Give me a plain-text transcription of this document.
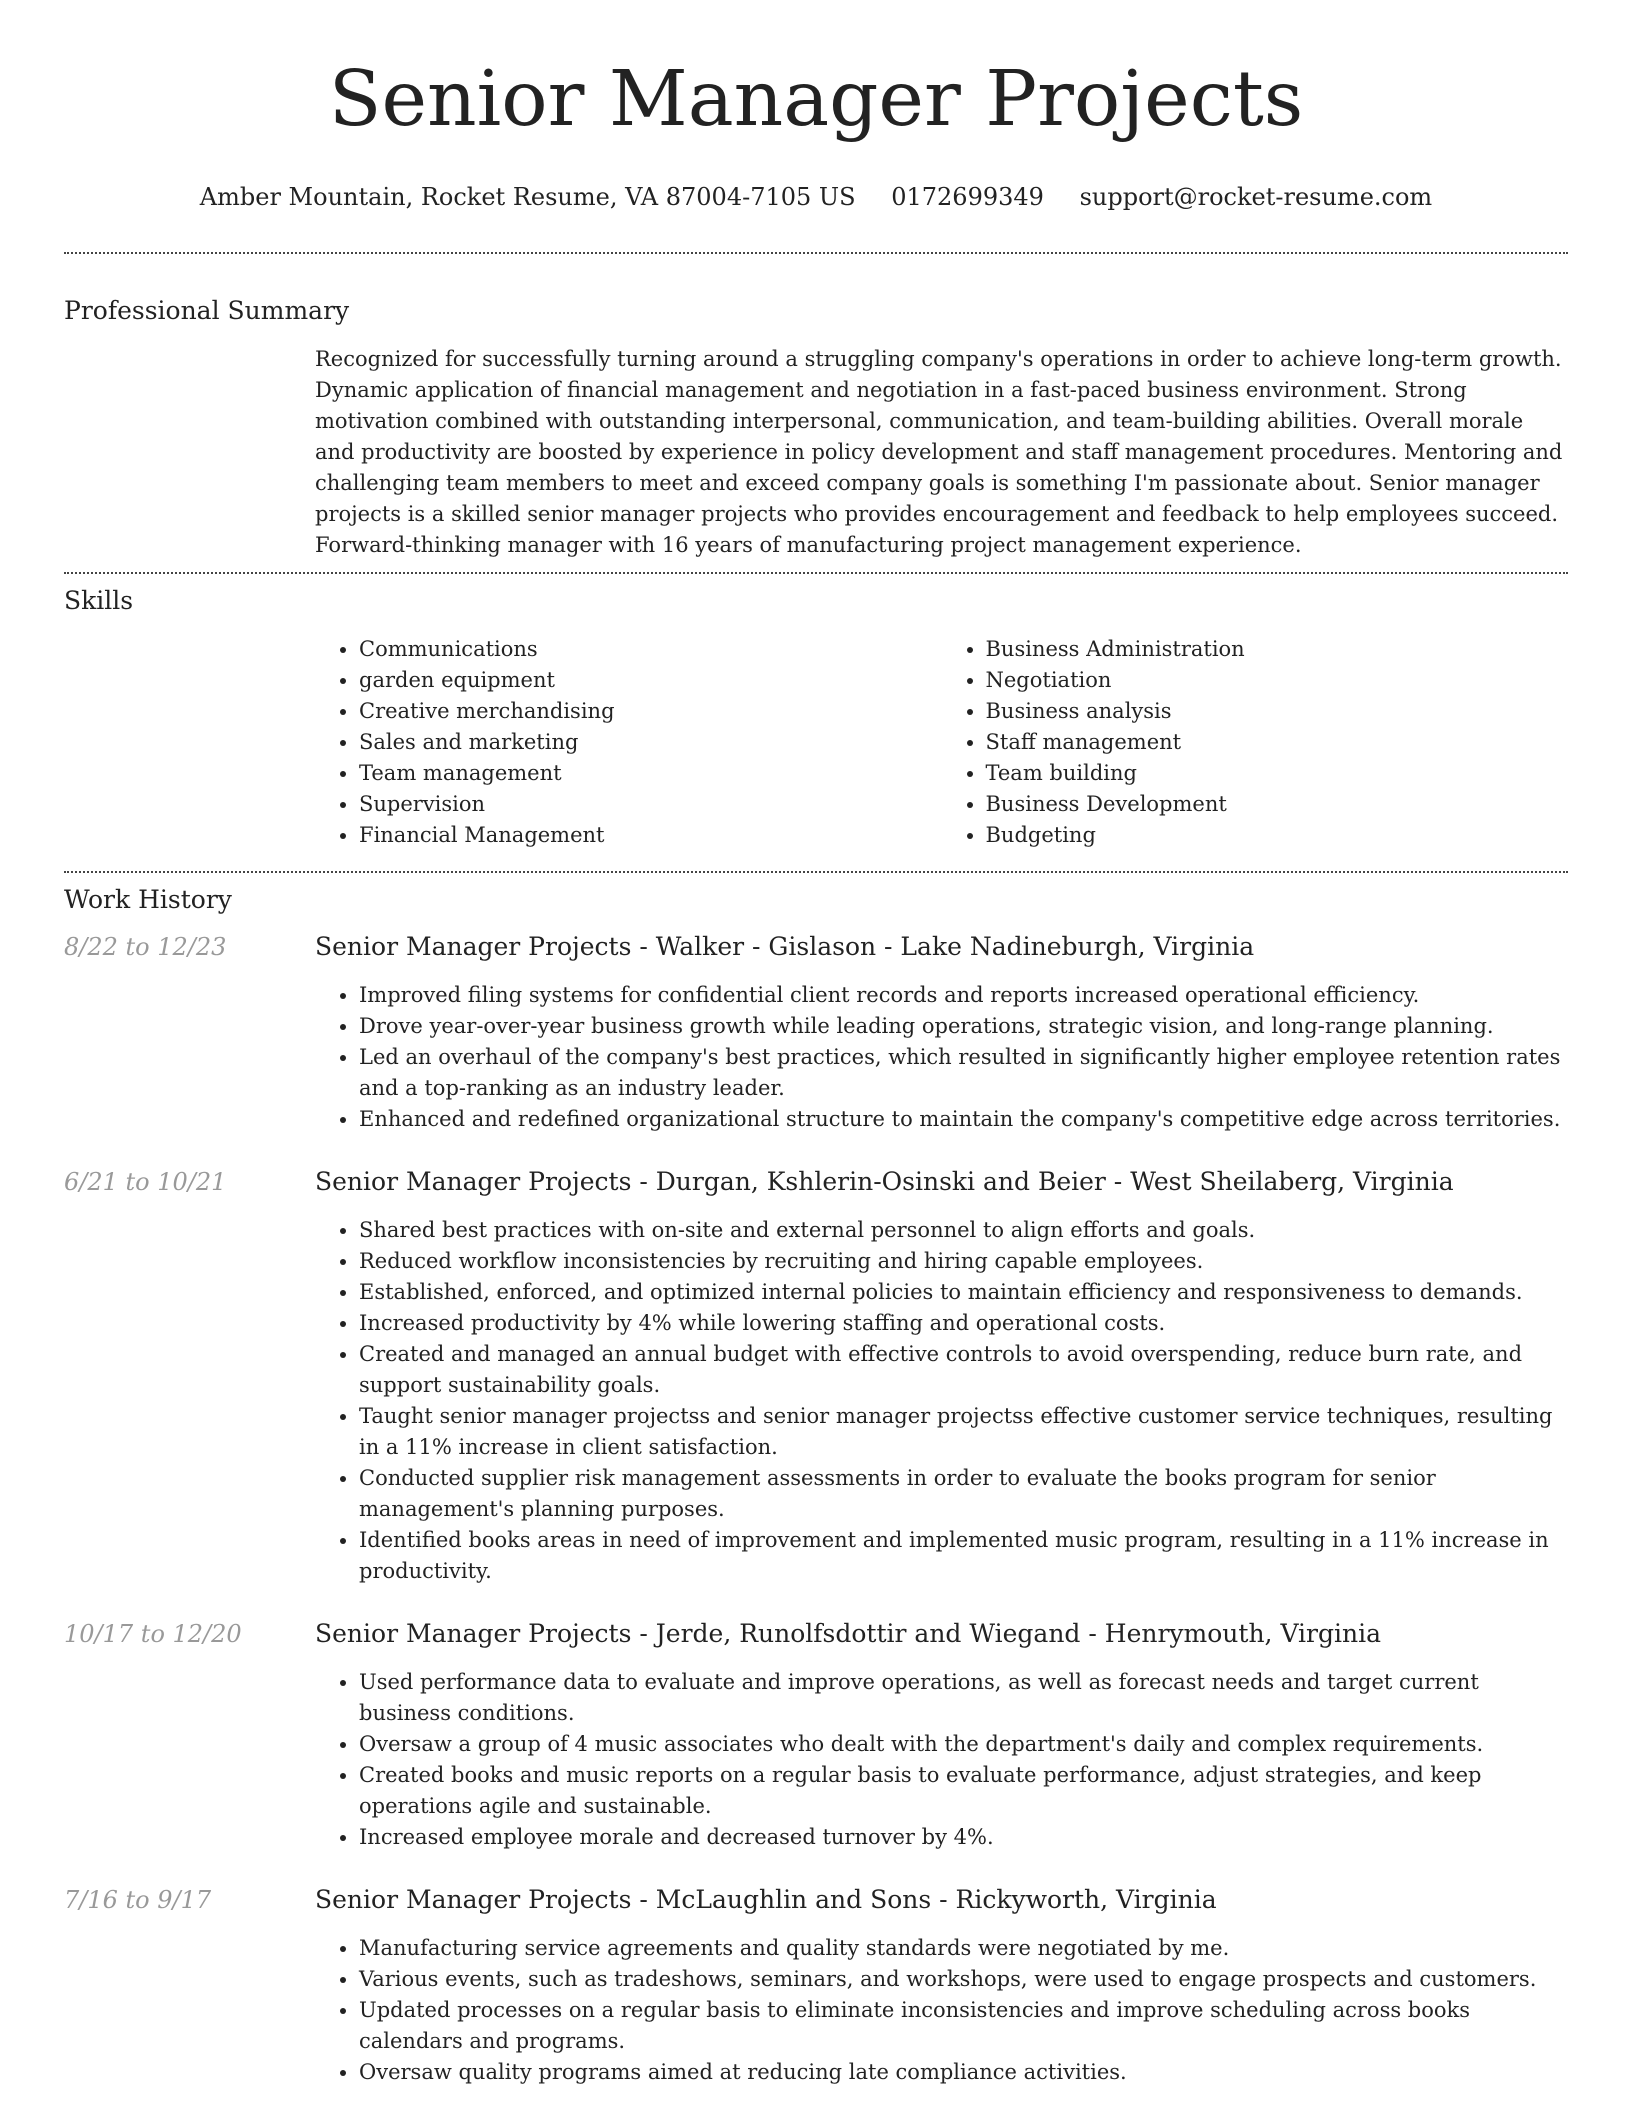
Senior Manager Projects
Amber Mountain, Rocket Resume, VA 87004-7105 US 0172699349 support@rocket-resume.com
Professional Summary
Recognized for successfully turning around a struggling company's operations in order to achieve long-term growth. Dynamic application of financial management and negotiation in a fast-paced business environment. Strong motivation combined with outstanding interpersonal, communication, and team-building abilities. Overall morale and productivity are boosted by experience in policy development and staff management procedures. Mentoring and challenging team members to meet and exceed company goals is something I'm passionate about. Senior manager projects is a skilled senior manager projects who provides encouragement and feedback to help employees succeed. Forward-thinking manager with 16 years of manufacturing project management experience.
Skills
• Communications
• garden equipment
• Creative merchandising
• Sales and marketing
• Team management
• Supervision
• Financial Management
• Business Administration
• Negotiation
• Business analysis
• Staff management
• Team building
• Business Development
• Budgeting
Work History
8/22 to 12/23	Senior Manager Projects - Walker - Gislason - Lake Nadineburgh, Virginia
• Improved filing systems for confidential client records and reports increased operational efficiency.
• Drove year-over-year business growth while leading operations, strategic vision, and long-range planning.
• Led an overhaul of the company's best practices, which resulted in significantly higher employee retention rates and a top-ranking as an industry leader.
• Enhanced and redefined organizational structure to maintain the company's competitive edge across territories.
6/21 to 10/21	Senior Manager Projects - Durgan, Kshlerin-Osinski and Beier - West Sheilaberg, Virginia
• Shared best practices with on-site and external personnel to align efforts and goals.
• Reduced workflow inconsistencies by recruiting and hiring capable employees.
• Established, enforced, and optimized internal policies to maintain efficiency and responsiveness to demands.
• Increased productivity by 4% while lowering staffing and operational costs.
• Created and managed an annual budget with effective controls to avoid overspending, reduce burn rate, and support sustainability goals.
• Taught senior manager projectss and senior manager projectss effective customer service techniques, resulting in a 11% increase in client satisfaction.
• Conducted supplier risk management assessments in order to evaluate the books program for senior management's planning purposes.
• Identified books areas in need of improvement and implemented music program, resulting in a 11% increase in productivity.
10/17 to 12/20	Senior Manager Projects - Jerde, Runolfsdottir and Wiegand - Henrymouth, Virginia
• Used performance data to evaluate and improve operations, as well as forecast needs and target current business conditions.
• Oversaw a group of 4 music associates who dealt with the department's daily and complex requirements.
• Created books and music reports on a regular basis to evaluate performance, adjust strategies, and keep operations agile and sustainable.
• Increased employee morale and decreased turnover by 4%.
7/16 to 9/17	Senior Manager Projects - McLaughlin and Sons - Rickyworth, Virginia
• Manufacturing service agreements and quality standards were negotiated by me.
• Various events, such as tradeshows, seminars, and workshops, were used to engage prospects and customers.
• Updated processes on a regular basis to eliminate inconsistencies and improve scheduling across books calendars and programs.
• Oversaw quality programs aimed at reducing late compliance activities.
